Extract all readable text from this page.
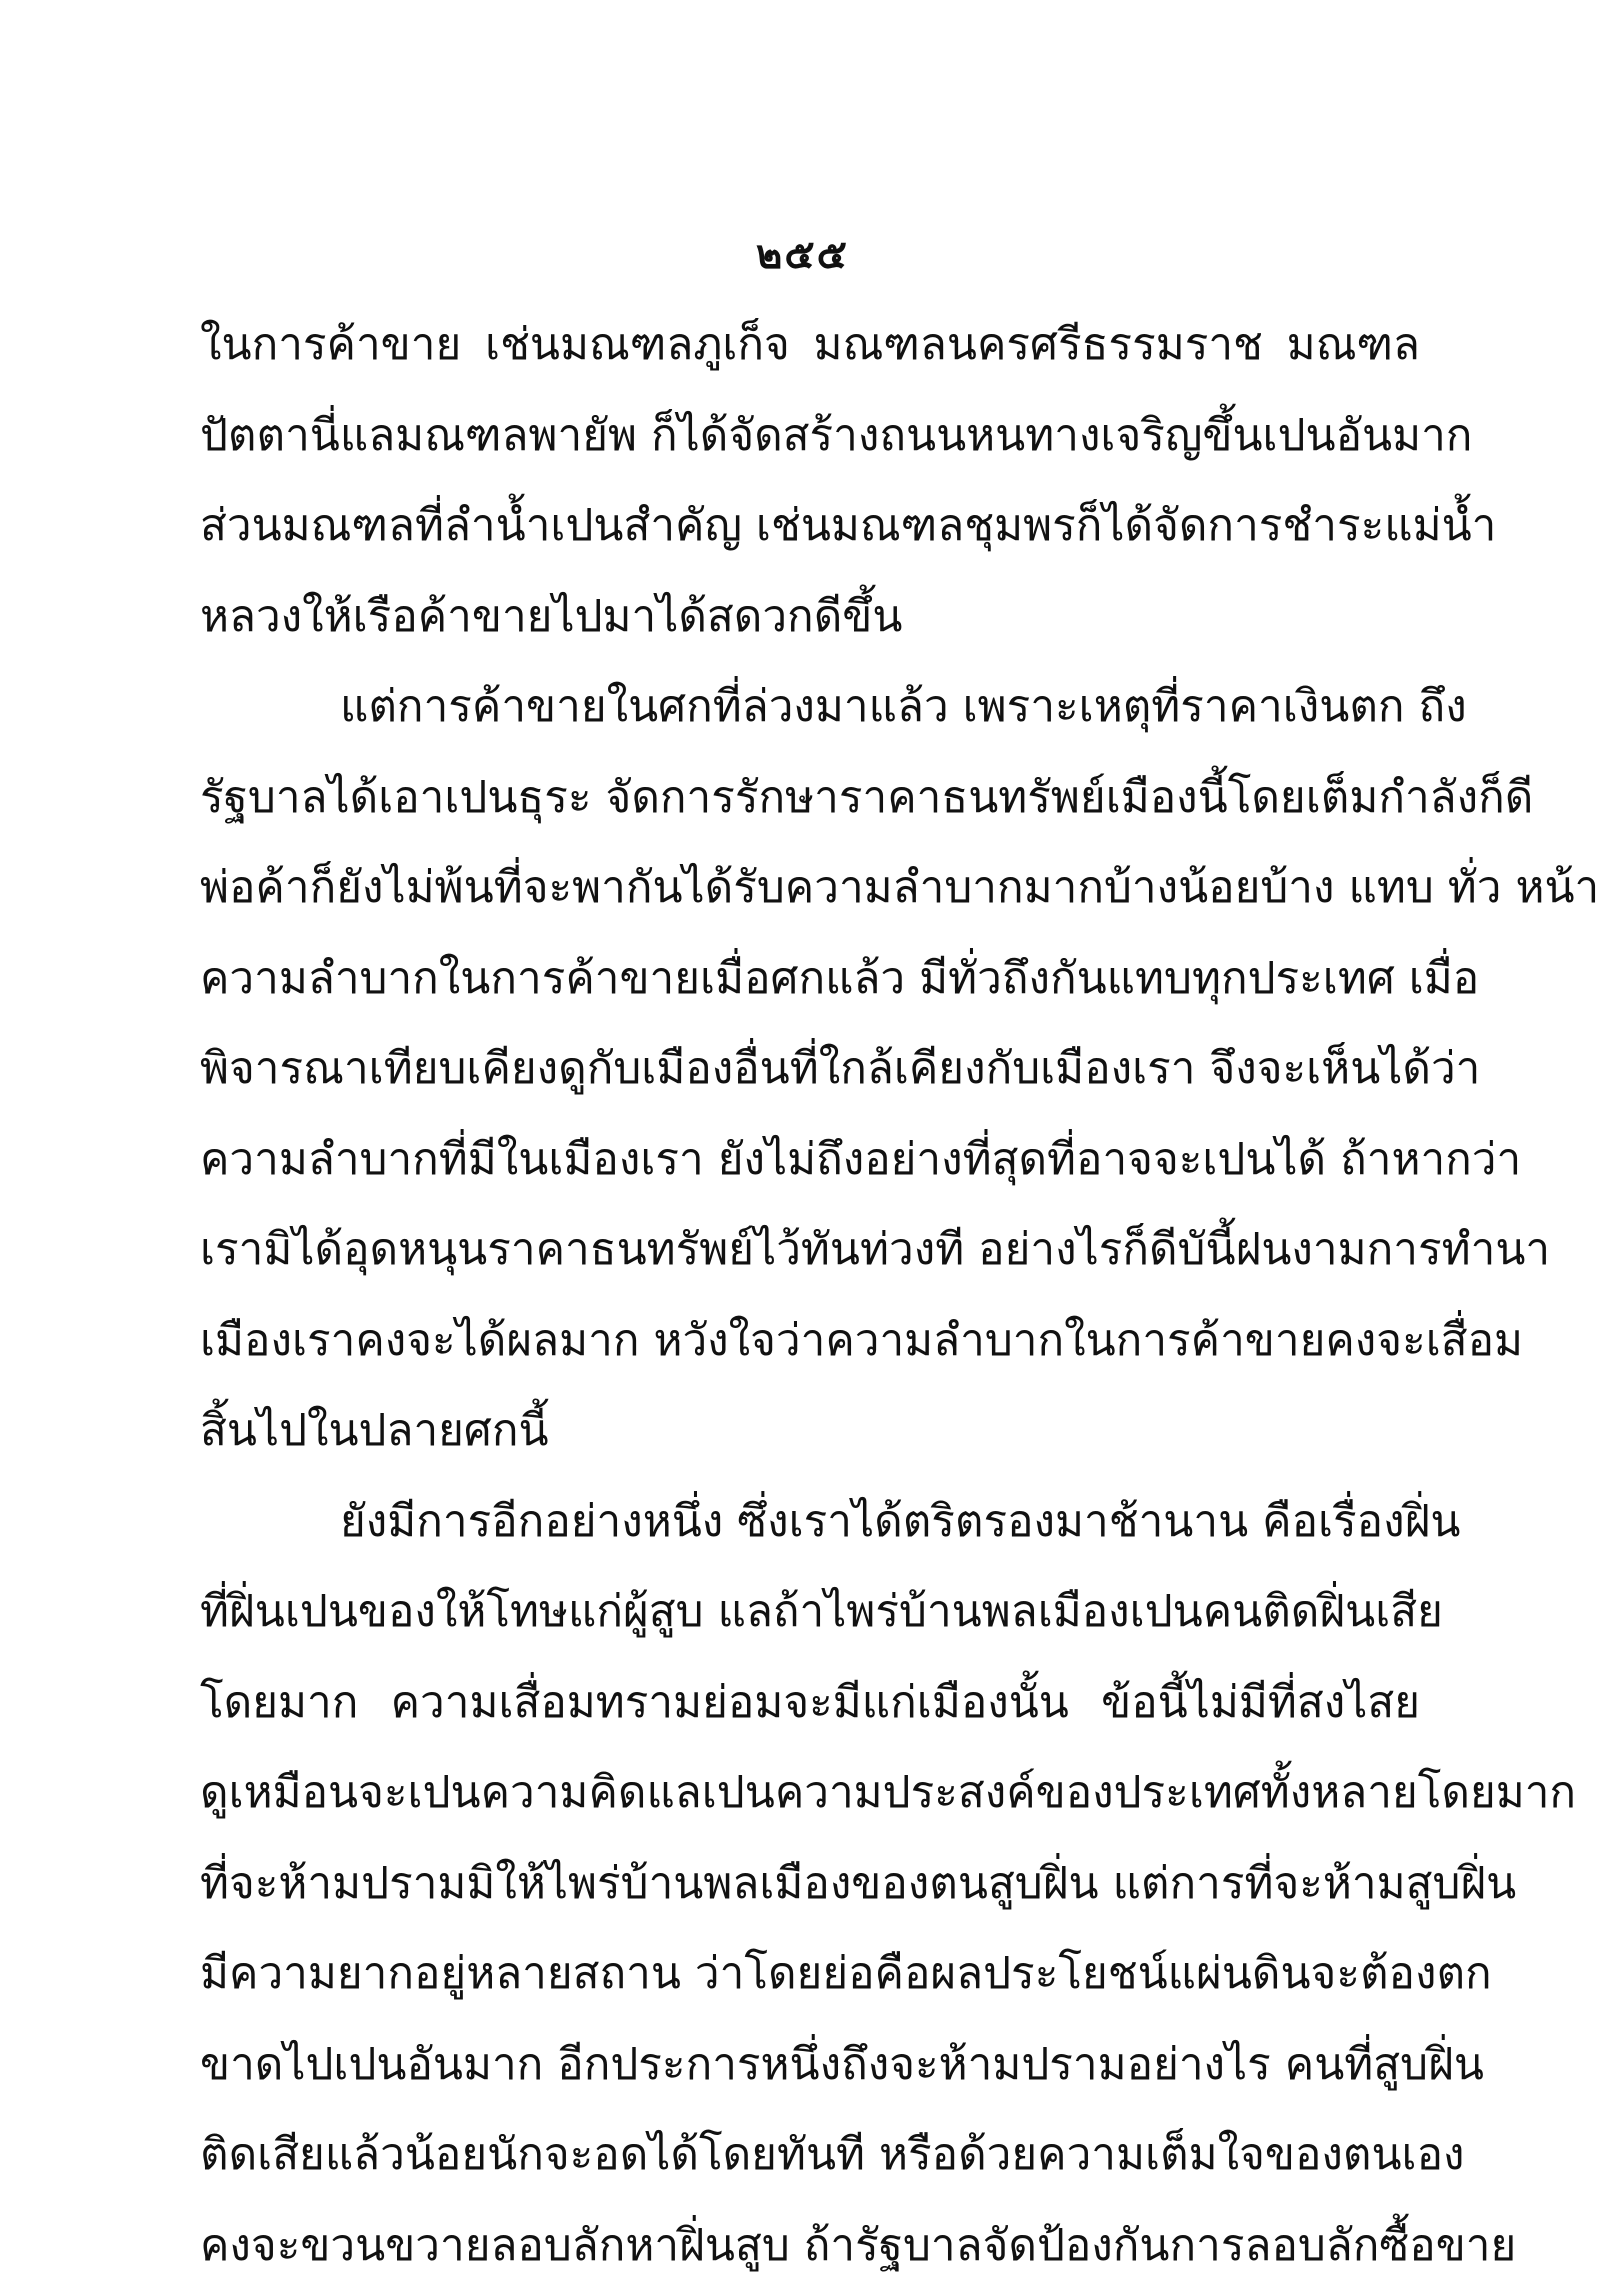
๒๕๕
ในการค้าขาย เช่นมณฑลภูเก็จ มณฑลนครศรีธรรมราช มณฑล
ปัตตานี่แลมณฑลพายัพ ก็ได้จัดสร้างถนนหนทางเจริญขึ้นเปนอันมาก
ส่วนมณฑลที่ลำน้ำเปนสำคัญ เช่นมณฑลชุมพรก็ได้จัดการชำระแม่น้ำ
หลวงให้เรือค้าขายไปมาได้สดวกดีขึ้น
แต่การค้าขายในศกที่ล่วงมาแล้ว เพราะเหตุที่ราคาเงินตก ถึง
รัฐบาลได้เอาเปนธุระ จัดการรักษาราคาธนทรัพย์เมืองนี้โดยเต็มกำลังก็ดี
พ่อค้าก็ยังไม่พ้นที่จะพากันได้รับความลำบากมากบ้างน้อยบ้าง แทบ ทั่ว หน้า
ความลำบากในการค้าขายเมื่อศกแล้ว มีทั่วถึงกันแทบทุกประเทศ เมื่อ
พิจารณาเทียบเคียงดูกับเมืองอื่นที่ใกล้เคียงกับเมืองเรา จึงจะเห็นได้ว่า
ความลำบากที่มีในเมืองเรา ยังไม่ถึงอย่างที่สุดที่อาจจะเปนได้ ถ้าหากว่า
เรามิได้อุดหนุนราคาธนทรัพย์ไว้ทันท่วงที อย่างไรก็ดีบันี้ฝนงามการทำนา
เมืองเราคงจะได้ผลมาก หวังใจว่าความลำบากในการค้าขายคงจะเสื่อม
สิ้นไปในปลายศกนี้
ยังมีการอีกอย่างหนึ่ง ซึ่งเราได้ตริตรองมาช้านาน คือเรื่องฝิ่น
ที่ฝิ่นเปนของให้โทษแก่ผู้สูบ แลถ้าไพร่บ้านพลเมืองเปนคนติดฝิ่นเสีย
โดยมาก ความเสื่อมทรามย่อมจะมีแก่เมืองนั้น ข้อนี้ไม่มีที่สงไสย
ดูเหมือนจะเปนความคิดแลเปนความประสงค์ของประเทศทั้งหลายโดยมาก
ที่จะห้ามปรามมิให้ไพร่บ้านพลเมืองของตนสูบฝิ่น แต่การที่จะห้ามสูบฝิ่น
มีความยากอยู่หลายสถาน ว่าโดยย่อคือผลประโยชน์แผ่นดินจะต้องตก
ขาดไปเปนอันมาก อีกประการหนึ่งถึงจะห้ามปรามอย่างไร คนที่สูบฝิ่น
ติดเสียแล้วน้อยนักจะอดได้โดยทันที หรือด้วยความเต็มใจของตนเอง
คงจะขวนขวายลอบลักหาฝิ่นสูบ ถ้ารัฐบาลจัดป้องกันการลอบลักซื้อขาย
